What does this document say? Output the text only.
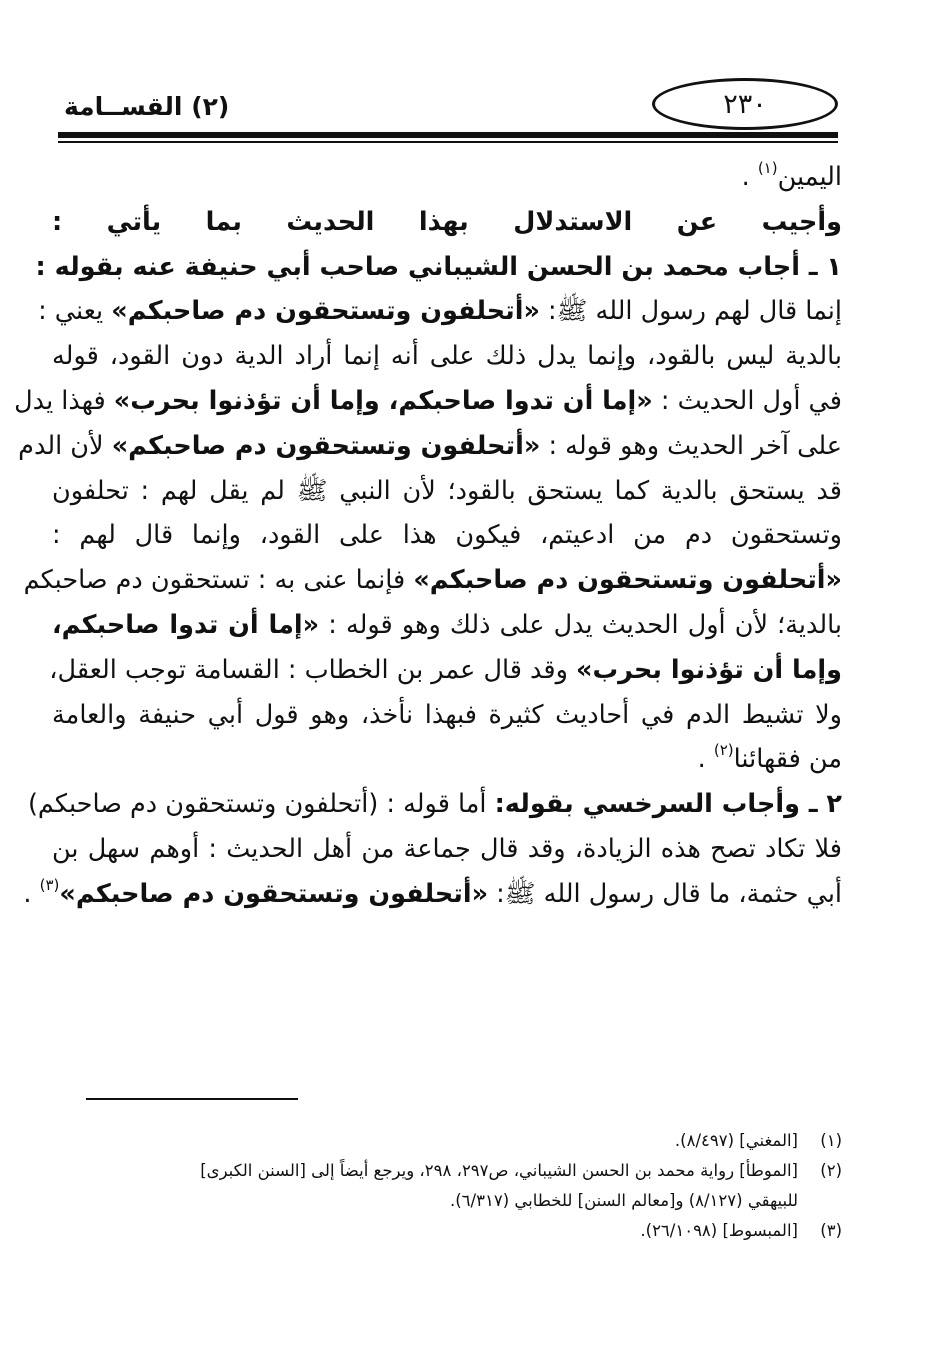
(٢) القســامة	٢٣٠
اليمين$^{(١)}$ .
وأجيب عن الاستدلال بهذا الحديث بما يأتي :
١ ـ أجاب محمد بن الحسن الشيباني صاحب أبي حنيفة عنه بقوله :
إنما قال لهم رسول الله ﷺ: «أتحلفون وتستحقون دم صاحبكم» يعني :
بالدية ليس بالقود، وإنما يدل ذلك على أنه إنما أراد الدية دون القود، قوله
في أول الحديث : «إما أن تدوا صاحبكم، وإما أن تؤذنوا بحرب» فهذا يدل
على آخر الحديث وهو قوله : «أتحلفون وتستحقون دم صاحبكم» لأن الدم
قد يستحق بالدية كما يستحق بالقود؛ لأن النبي ﷺ لم يقل لهم : تحلفون
وتستحقون دم من ادعيتم، فيكون هذا على القود، وإنما قال لهم :
«أتحلفون وتستحقون دم صاحبكم» فإنما عنى به : تستحقون دم صاحبكم
بالدية؛ لأن أول الحديث يدل على ذلك وهو قوله : «إما أن تدوا صاحبكم،
وإما أن تؤذنوا بحرب» وقد قال عمر بن الخطاب : القسامة توجب العقل،
ولا تشيط الدم في أحاديث كثيرة فبهذا نأخذ، وهو قول أبي حنيفة والعامة
من فقهائنا$^{(٢)}$ .
٢ ـ وأجاب السرخسي بقوله: أما قوله : (أتحلفون وتستحقون دم صاحبكم)
فلا تكاد تصح هذه الزيادة، وقد قال جماعة من أهل الحديث : أوهم سهل بن
أبي حثمة، ما قال رسول الله ﷺ: «أتحلفون وتستحقون دم صاحبكم»$^{(٣)}$ .
(١)[المغني] (٨/٤٩٧).
(٢)[الموطأ] رواية محمد بن الحسن الشيباني، ص٢٩٧، ٢٩٨، ويرجع أيضاً إلى [السنن الكبرى]
للبيهقي (٨/١٢٧) و[معالم السنن] للخطابي (٦/٣١٧).
(٣)[المبسوط] (٢٦/١٠٩٨).
